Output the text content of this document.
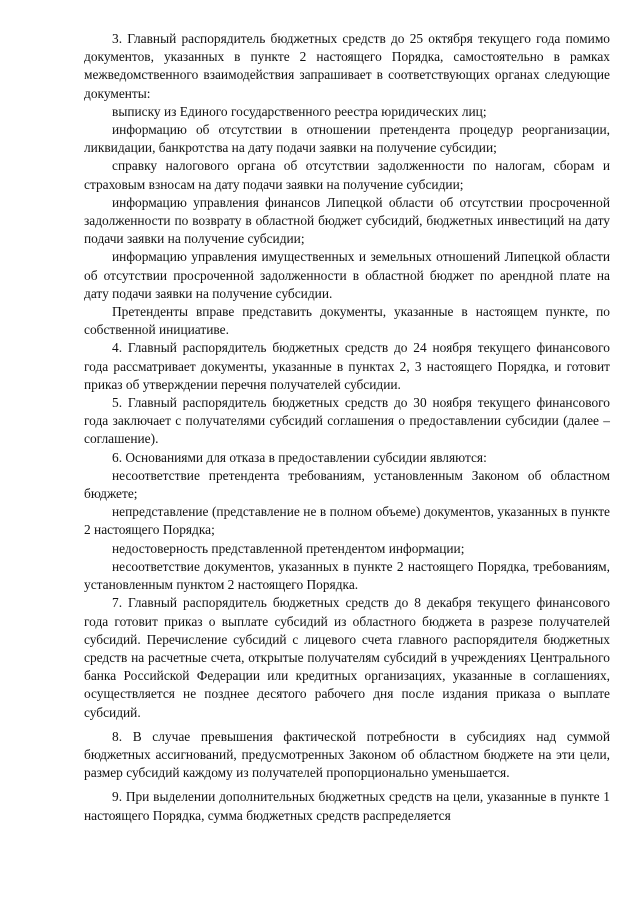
3. Главный распорядитель бюджетных средств до 25 октября текущего года помимо документов, указанных в пункте 2 настоящего Порядка, самостоятельно в рамках межведомственного взаимодействия запрашивает в соответствующих органах следующие документы:

выписку из Единого государственного реестра юридических лиц;

информацию об отсутствии в отношении претендента процедур реорганизации, ликвидации, банкротства на дату подачи заявки на получение субсидии;

справку налогового органа об отсутствии задолженности по налогам, сборам и страховым взносам на дату подачи заявки на получение субсидии;

информацию управления финансов Липецкой области об отсутствии просроченной задолженности по возврату в областной бюджет субсидий, бюджетных инвестиций на дату подачи заявки на получение субсидии;

информацию управления имущественных и земельных отношений Липецкой области об отсутствии просроченной задолженности в областной бюджет по арендной плате на дату подачи заявки на получение субсидии.

Претенденты вправе представить документы, указанные в настоящем пункте, по собственной инициативе.

4. Главный распорядитель бюджетных средств до 24 ноября текущего финансового года рассматривает документы, указанные в пунктах 2, 3 настоящего Порядка, и готовит приказ об утверждении перечня получателей субсидии.

5. Главный распорядитель бюджетных средств до 30 ноября текущего финансового года заключает с получателями субсидий соглашения о предоставлении субсидии (далее – соглашение).

6. Основаниями для отказа в предоставлении субсидии являются:

несоответствие претендента требованиям, установленным Законом об областном бюджете;

непредставление (представление не в полном объеме) документов, указанных в пункте 2 настоящего Порядка;

недостоверность представленной претендентом информации;

несоответствие документов, указанных в пункте 2 настоящего Порядка, требованиям, установленным пунктом 2 настоящего Порядка.

7. Главный распорядитель бюджетных средств до 8 декабря текущего финансового года готовит приказ о выплате субсидий из областного бюджета в разрезе получателей субсидий. Перечисление субсидий с лицевого счета главного распорядителя бюджетных средств на расчетные счета, открытые получателям субсидий в учреждениях Центрального банка Российской Федерации или кредитных организациях, указанные в соглашениях, осуществляется не позднее десятого рабочего дня после издания приказа о выплате субсидий.

8. В случае превышения фактической потребности в субсидиях над суммой бюджетных ассигнований, предусмотренных Законом об областном бюджете на эти цели, размер субсидий каждому из получателей пропорционально уменьшается.

9. При выделении дополнительных бюджетных средств на цели, указанные в пункте 1 настоящего Порядка, сумма бюджетных средств распределяется
